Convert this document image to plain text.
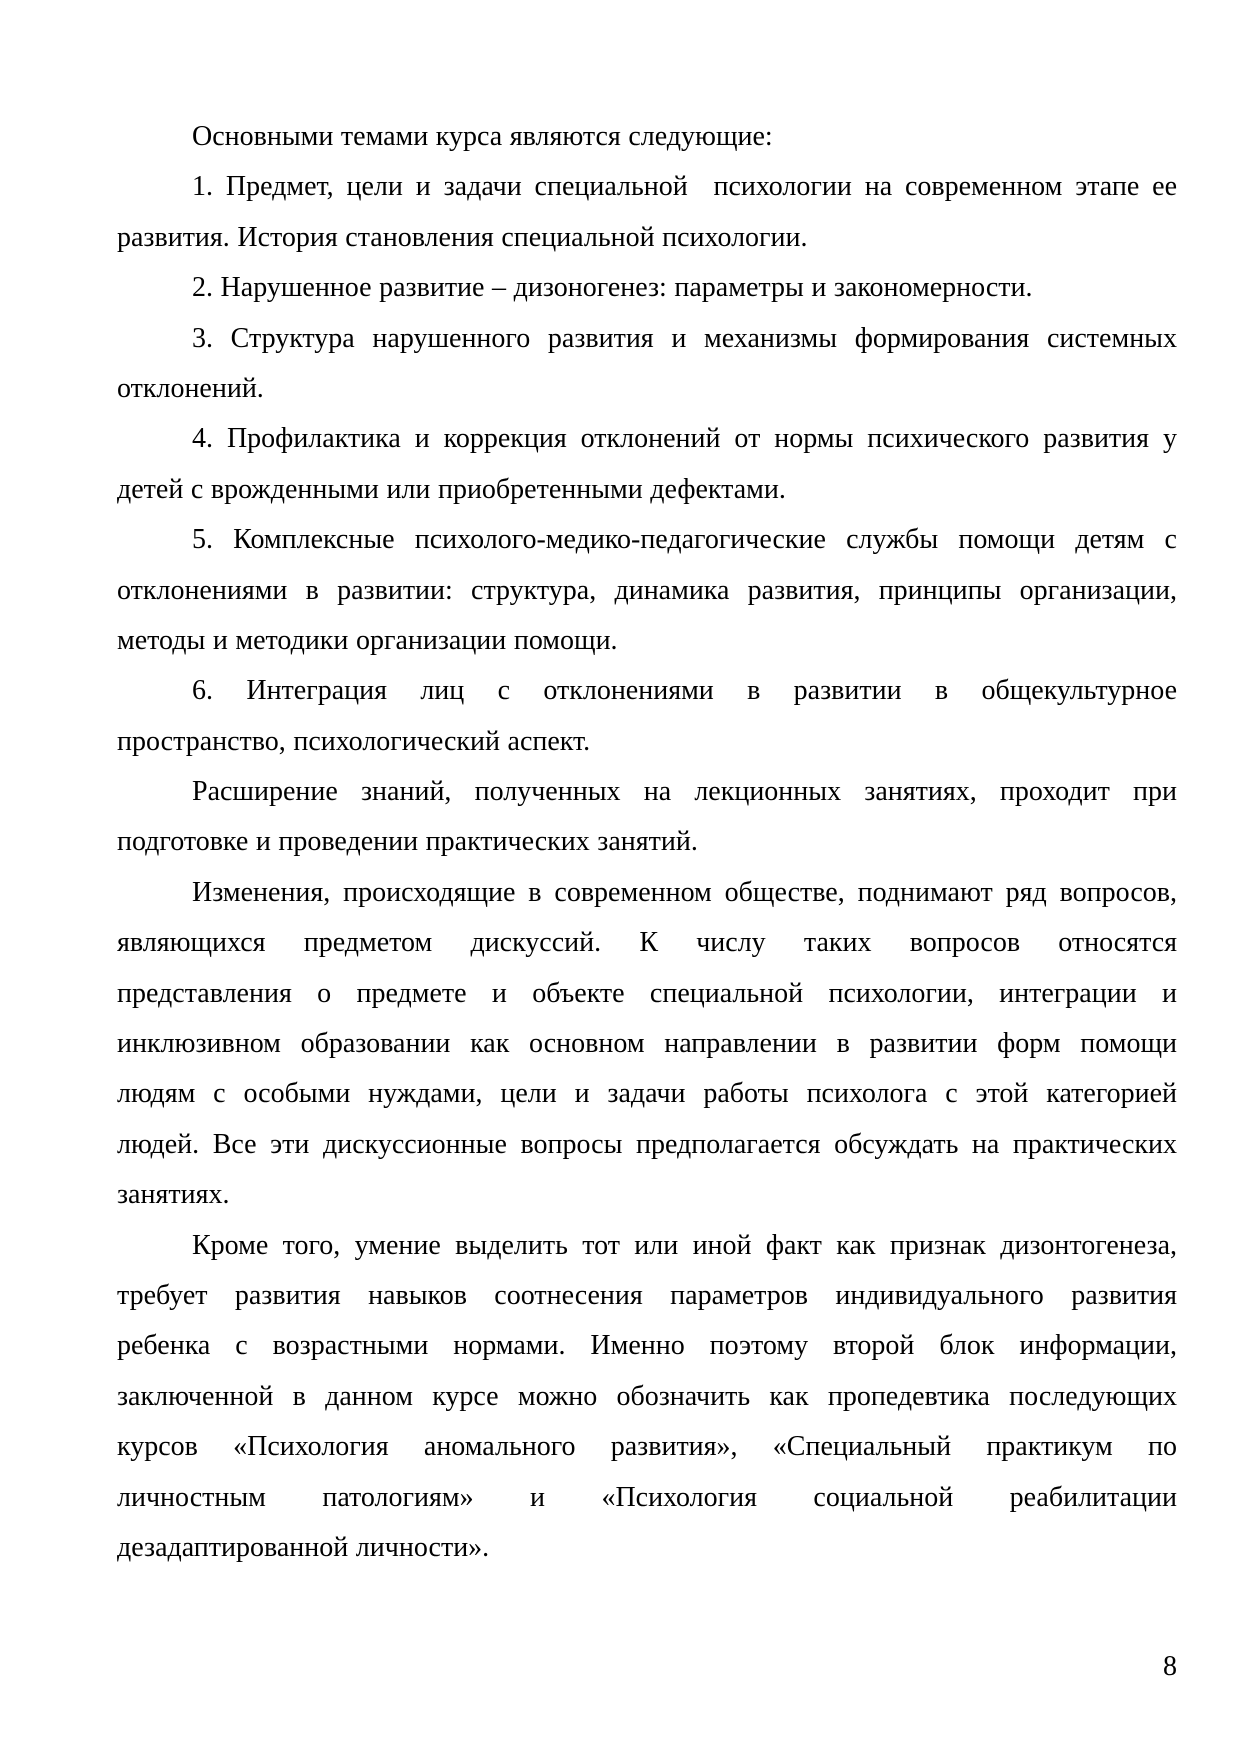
Основными темами курса являются следующие:
1. Предмет, цели и задачи специальной  психологии на современном этапе ее
развития. История становления специальной психологии.
2. Нарушенное развитие – дизоногенез: параметры и закономерности.
3. Структура нарушенного развития и механизмы формирования системных
отклонений.
4. Профилактика и коррекция отклонений от нормы психического развития у
детей с врожденными или приобретенными дефектами.
5. Комплексные психолого-медико-педагогические службы помощи детям с
отклонениями в развитии: структура, динамика развития, принципы организации,
методы и методики организации помощи.
6. Интеграция лиц с отклонениями в развитии в общекультурное
пространство, психологический аспект.
Расширение знаний, полученных на лекционных занятиях, проходит при
подготовке и проведении практических занятий.
Изменения, происходящие в современном обществе, поднимают ряд вопросов,
являющихся предметом дискуссий. К числу таких вопросов относятся
представления о предмете и объекте специальной психологии, интеграции и
инклюзивном образовании как основном направлении в развитии форм помощи
людям с особыми нуждами, цели и задачи работы психолога с этой категорией
людей. Все эти дискуссионные вопросы предполагается обсуждать на практических
занятиях.
Кроме того, умение выделить тот или иной факт как признак дизонтогенеза,
требует развития навыков соотнесения параметров индивидуального развития
ребенка с возрастными нормами. Именно поэтому второй блок информации,
заключенной в данном курсе можно обозначить как пропедевтика последующих
курсов «Психология аномального развития», «Специальный практикум по
личностным патологиям» и «Психология социальной реабилитации
дезадаптированной личности».
8
